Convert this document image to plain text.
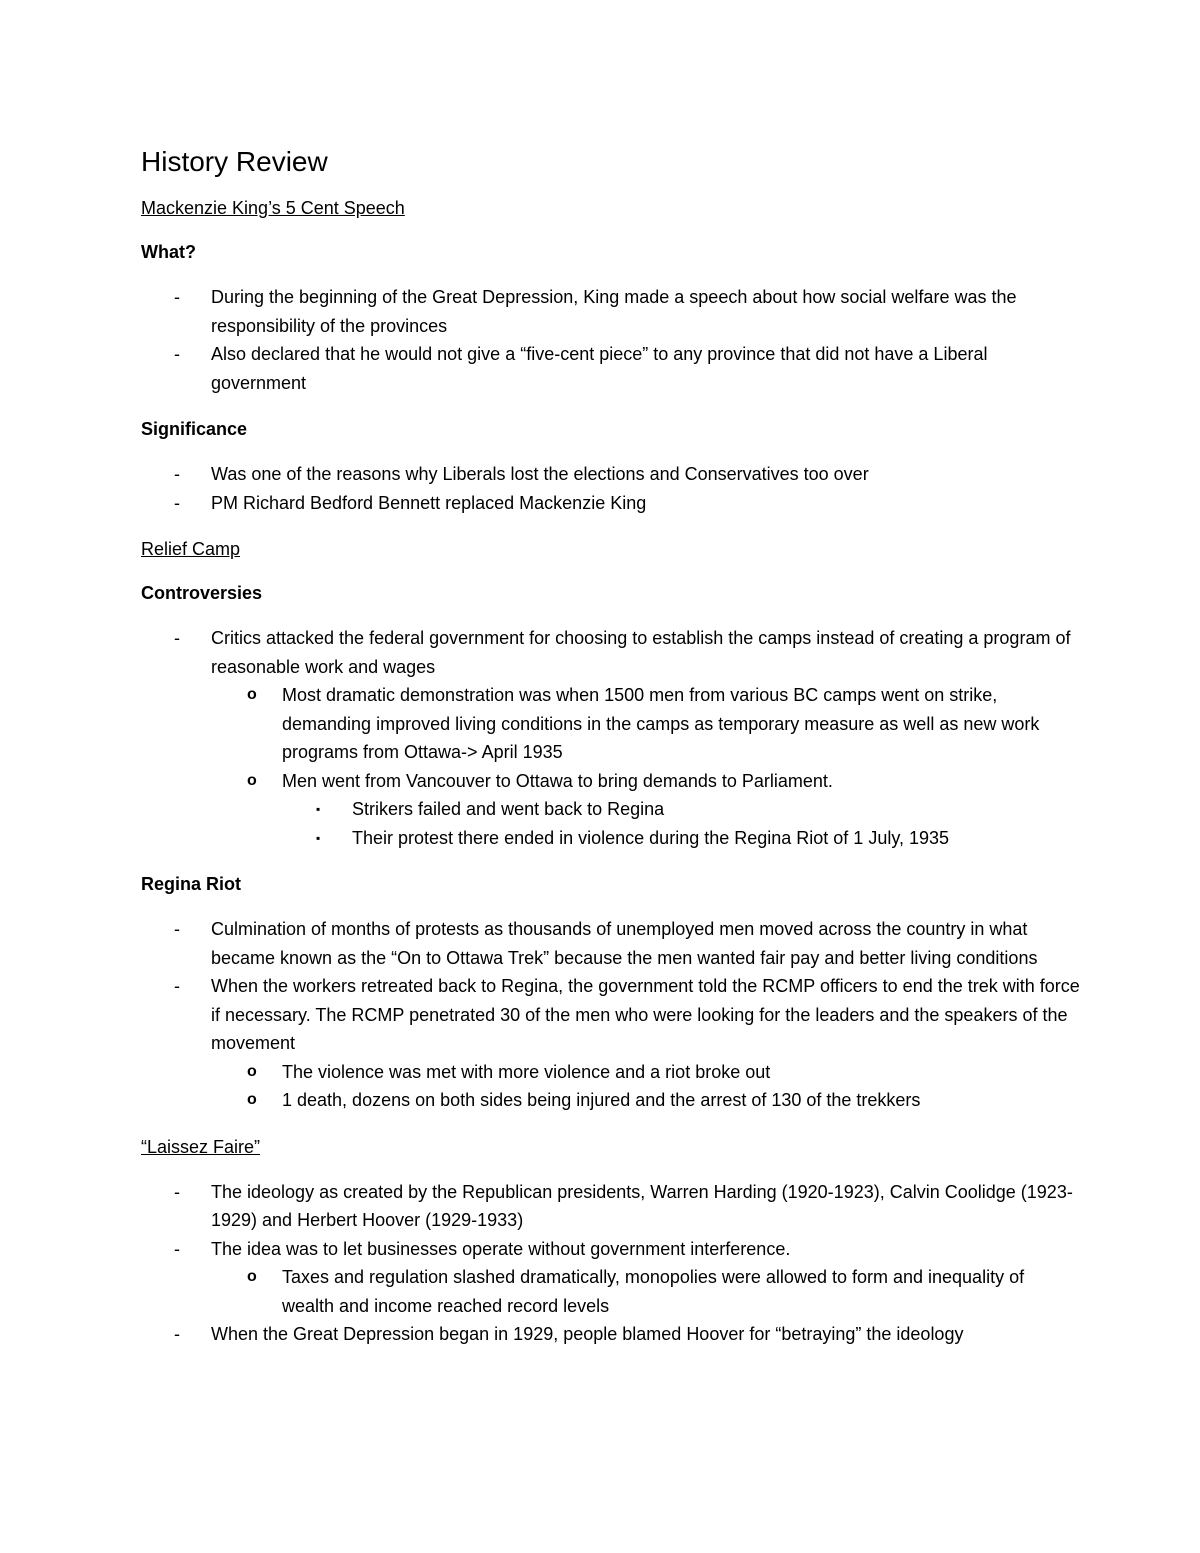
History Review
Mackenzie King’s 5 Cent Speech
What?
- During the beginning of the Great Depression, King made a speech about how social welfare was the responsibility of the provinces
- Also declared that he would not give a “five-cent piece” to any province that did not have a Liberal government
Significance
- Was one of the reasons why Liberals lost the elections and Conservatives too over
- PM Richard Bedford Bennett replaced Mackenzie King
Relief Camp
Controversies
- Critics attacked the federal government for choosing to establish the camps instead of creating a program of reasonable work and wages
o Most dramatic demonstration was when 1500 men from various BC camps went on strike, demanding improved living conditions in the camps as temporary measure as well as new work programs from Ottawa-> April 1935
o Men went from Vancouver to Ottawa to bring demands to Parliament.
▪ Strikers failed and went back to Regina
▪ Their protest there ended in violence during the Regina Riot of 1 July, 1935
Regina Riot
- Culmination of months of protests as thousands of unemployed men moved across the country in what became known as the “On to Ottawa Trek” because the men wanted fair pay and better living conditions
- When the workers retreated back to Regina, the government told the RCMP officers to end the trek with force if necessary. The RCMP penetrated 30 of the men who were looking for the leaders and the speakers of the movement
o The violence was met with more violence and a riot broke out
o 1 death, dozens on both sides being injured and the arrest of 130 of the trekkers
“Laissez Faire”
- The ideology as created by the Republican presidents, Warren Harding (1920-1923), Calvin Coolidge (1923-1929) and Herbert Hoover (1929-1933)
- The idea was to let businesses operate without government interference.
o Taxes and regulation slashed dramatically, monopolies were allowed to form and inequality of wealth and income reached record levels
- When the Great Depression began in 1929, people blamed Hoover for “betraying” the ideology
